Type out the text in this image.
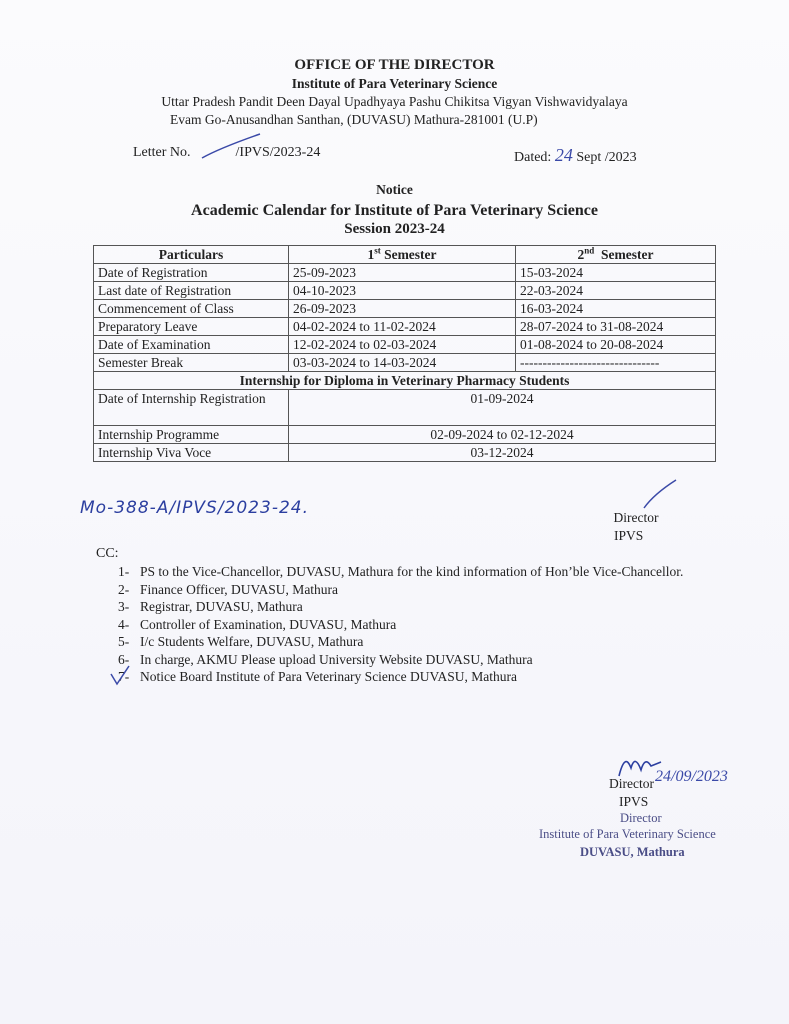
OFFICE OF THE DIRECTOR
Institute of Para Veterinary Science
Uttar Pradesh Pandit Deen Dayal Upadhyaya Pashu Chikitsa Vigyan Vishwavidyalaya
Evam Go-Anusandhan Santhan, (DUVASU) Mathura-281001 (U.P)
Letter No.	/IPVS/2023-24	Dated: 24 Sept /2023
Notice
Academic Calendar for Institute of Para Veterinary Science
Session 2023-24
Particulars	1st Semester	2nd Semester
Date of Registration	25-09-2023	15-03-2024
Last date of Registration	04-10-2023	22-03-2024
Commencement of Class	26-09-2023	16-03-2024
Preparatory Leave	04-02-2024 to 11-02-2024	28-07-2024 to 31-08-2024
Date of Examination	12-02-2024 to 02-03-2024	01-08-2024 to 20-08-2024
Semester Break	03-03-2024 to 14-03-2024	-------------------------------
Internship for Diploma in Veterinary Pharmacy Students		
Date of Internship Registration	01-09-2024	
Internship Programme	02-09-2024 to 02-12-2024	
Internship Viva Voce	03-12-2024	
Mo-388-A/IPVS/2023-24.	Director
IPVS
CC:
1- PS to the Vice-Chancellor, DUVASU, Mathura for the kind information of Hon’ble Vice-Chancellor.
2- Finance Officer, DUVASU, Mathura
3- Registrar, DUVASU, Mathura
4- Controller of Examination, DUVASU, Mathura
5- I/c Students Welfare, DUVASU, Mathura
6- In charge, AKMU Please upload University Website DUVASU, Mathura
7- Notice Board Institute of Para Veterinary Science DUVASU, Mathura
Director 24/09/2023
IPVS
Director
Institute of Para Veterinary Science
DUVASU, Mathura
